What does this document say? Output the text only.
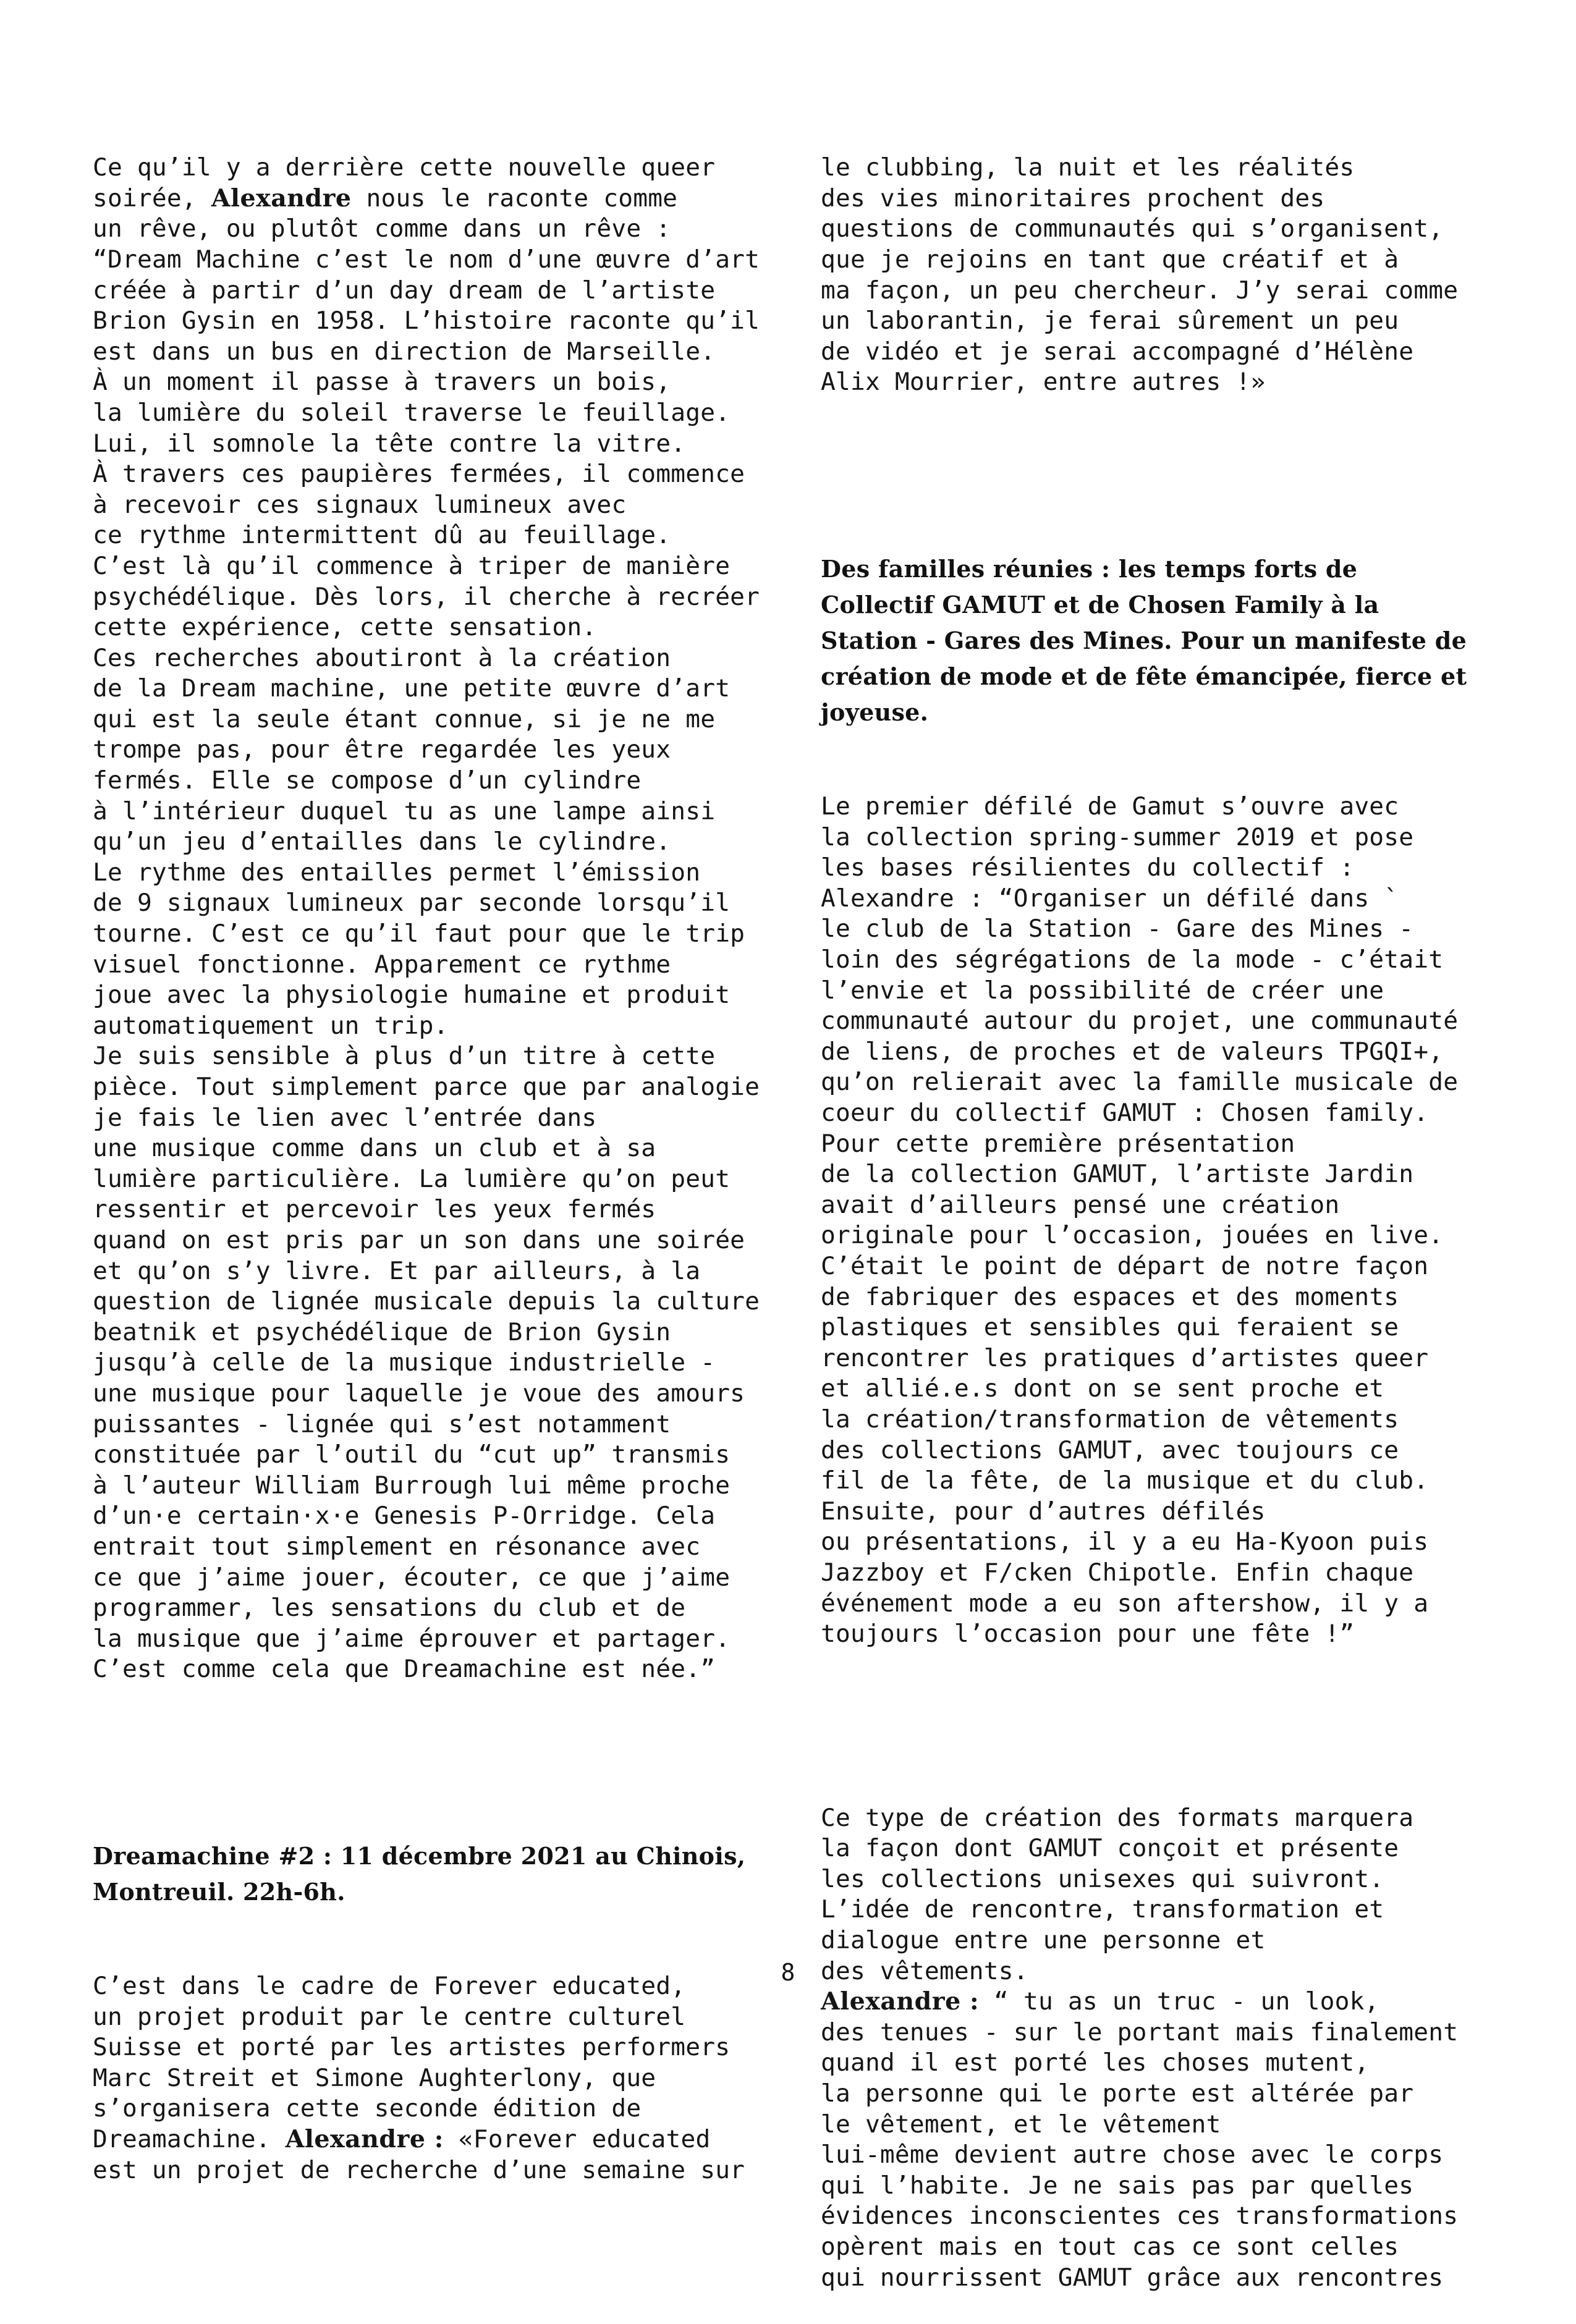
Ce qu’il y a derrière cette nouvelle queer
soirée, Alexandre nous le raconte comme
un rêve, ou plutôt comme dans un rêve :
“Dream Machine c’est le nom d’une œuvre d’art
créée à partir d’un day dream de l’artiste
Brion Gysin en 1958. L’histoire raconte qu’il
est dans un bus en direction de Marseille.
À un moment il passe à travers un bois,
la lumière du soleil traverse le feuillage.
Lui, il somnole la tête contre la vitre.
À travers ces paupières fermées, il commence
à recevoir ces signaux lumineux avec
ce rythme intermittent dû au feuillage.
C’est là qu’il commence à triper de manière
psychédélique. Dès lors, il cherche à recréer
cette expérience, cette sensation.
Ces recherches aboutiront à la création
de la Dream machine, une petite œuvre d’art
qui est la seule étant connue, si je ne me
trompe pas, pour être regardée les yeux
fermés. Elle se compose d’un cylindre
à l’intérieur duquel tu as une lampe ainsi
qu’un jeu d’entailles dans le cylindre.
Le rythme des entailles permet l’émission
de 9 signaux lumineux par seconde lorsqu’il
tourne. C’est ce qu’il faut pour que le trip
visuel fonctionne. Apparement ce rythme
joue avec la physiologie humaine et produit
automatiquement un trip.
Je suis sensible à plus d’un titre à cette
pièce. Tout simplement parce que par analogie
je fais le lien avec l’entrée dans
une musique comme dans un club et à sa
lumière particulière. La lumière qu’on peut
ressentir et percevoir les yeux fermés
quand on est pris par un son dans une soirée
et qu’on s’y livre. Et par ailleurs, à la
question de lignée musicale depuis la culture
beatnik et psychédélique de Brion Gysin
jusqu’à celle de la musique industrielle -
une musique pour laquelle je voue des amours
puissantes - lignée qui s’est notamment
constituée par l’outil du “cut up” transmis
à l’auteur William Burrough lui même proche
d’un·e certain·x·e Genesis P-Orridge. Cela
entrait tout simplement en résonance avec
ce que j’aime jouer, écouter, ce que j’aime
programmer, les sensations du club et de
la musique que j’aime éprouver et partager.
C’est comme cela que Dreamachine est née.”

Dreamachine #2 : 11 décembre 2021 au Chinois,
Montreuil. 22h-6h.

C’est dans le cadre de Forever educated,
un projet produit par le centre culturel
Suisse et porté par les artistes performers
Marc Streit et Simone Aughterlony, que
s’organisera cette seconde édition de
Dreamachine. Alexandre : «Forever educated
est un projet de recherche d’une semaine sur

le clubbing, la nuit et les réalités
des vies minoritaires prochent des
questions de communautés qui s’organisent,
que je rejoins en tant que créatif et à
ma façon, un peu chercheur. J’y serai comme
un laborantin, je ferai sûrement un peu
de vidéo et je serai accompagné d’Hélène
Alix Mourrier, entre autres !»

Des familles réunies : les temps forts de
Collectif GAMUT et de Chosen Family à la
Station - Gares des Mines. Pour un manifeste de
création de mode et de fête émancipée, fierce et
joyeuse.

Le premier défilé de Gamut s’ouvre avec
la collection spring-summer 2019 et pose
les bases résilientes du collectif :
Alexandre : “Organiser un défilé dans `
le club de la Station - Gare des Mines -
loin des ségrégations de la mode - c’était
l’envie et la possibilité de créer une
communauté autour du projet, une communauté
de liens, de proches et de valeurs TPGQI+,
qu’on relierait avec la famille musicale de
coeur du collectif GAMUT : Chosen family.
Pour cette première présentation
de la collection GAMUT, l’artiste Jardin
avait d’ailleurs pensé une création
originale pour l’occasion, jouées en live.
C’était le point de départ de notre façon
de fabriquer des espaces et des moments
plastiques et sensibles qui feraient se
rencontrer les pratiques d’artistes queer
et allié.e.s dont on se sent proche et
la création/transformation de vêtements
des collections GAMUT, avec toujours ce
fil de la fête, de la musique et du club.
Ensuite, pour d’autres défilés
ou présentations, il y a eu Ha-Kyoon puis
Jazzboy et F/cken Chipotle. Enfin chaque
événement mode a eu son aftershow, il y a
toujours l’occasion pour une fête !”

Ce type de création des formats marquera
la façon dont GAMUT conçoit et présente
les collections unisexes qui suivront.
L’idée de rencontre, transformation et
dialogue entre une personne et
des vêtements.
Alexandre : “ tu as un truc - un look,
des tenues - sur le portant mais finalement
quand il est porté les choses mutent,
la personne qui le porte est altérée par
le vêtement, et le vêtement
lui-même devient autre chose avec le corps
qui l’habite. Je ne sais pas par quelles
évidences inconscientes ces transformations
opèrent mais en tout cas ce sont celles
qui nourrissent GAMUT grâce aux rencontres

8
